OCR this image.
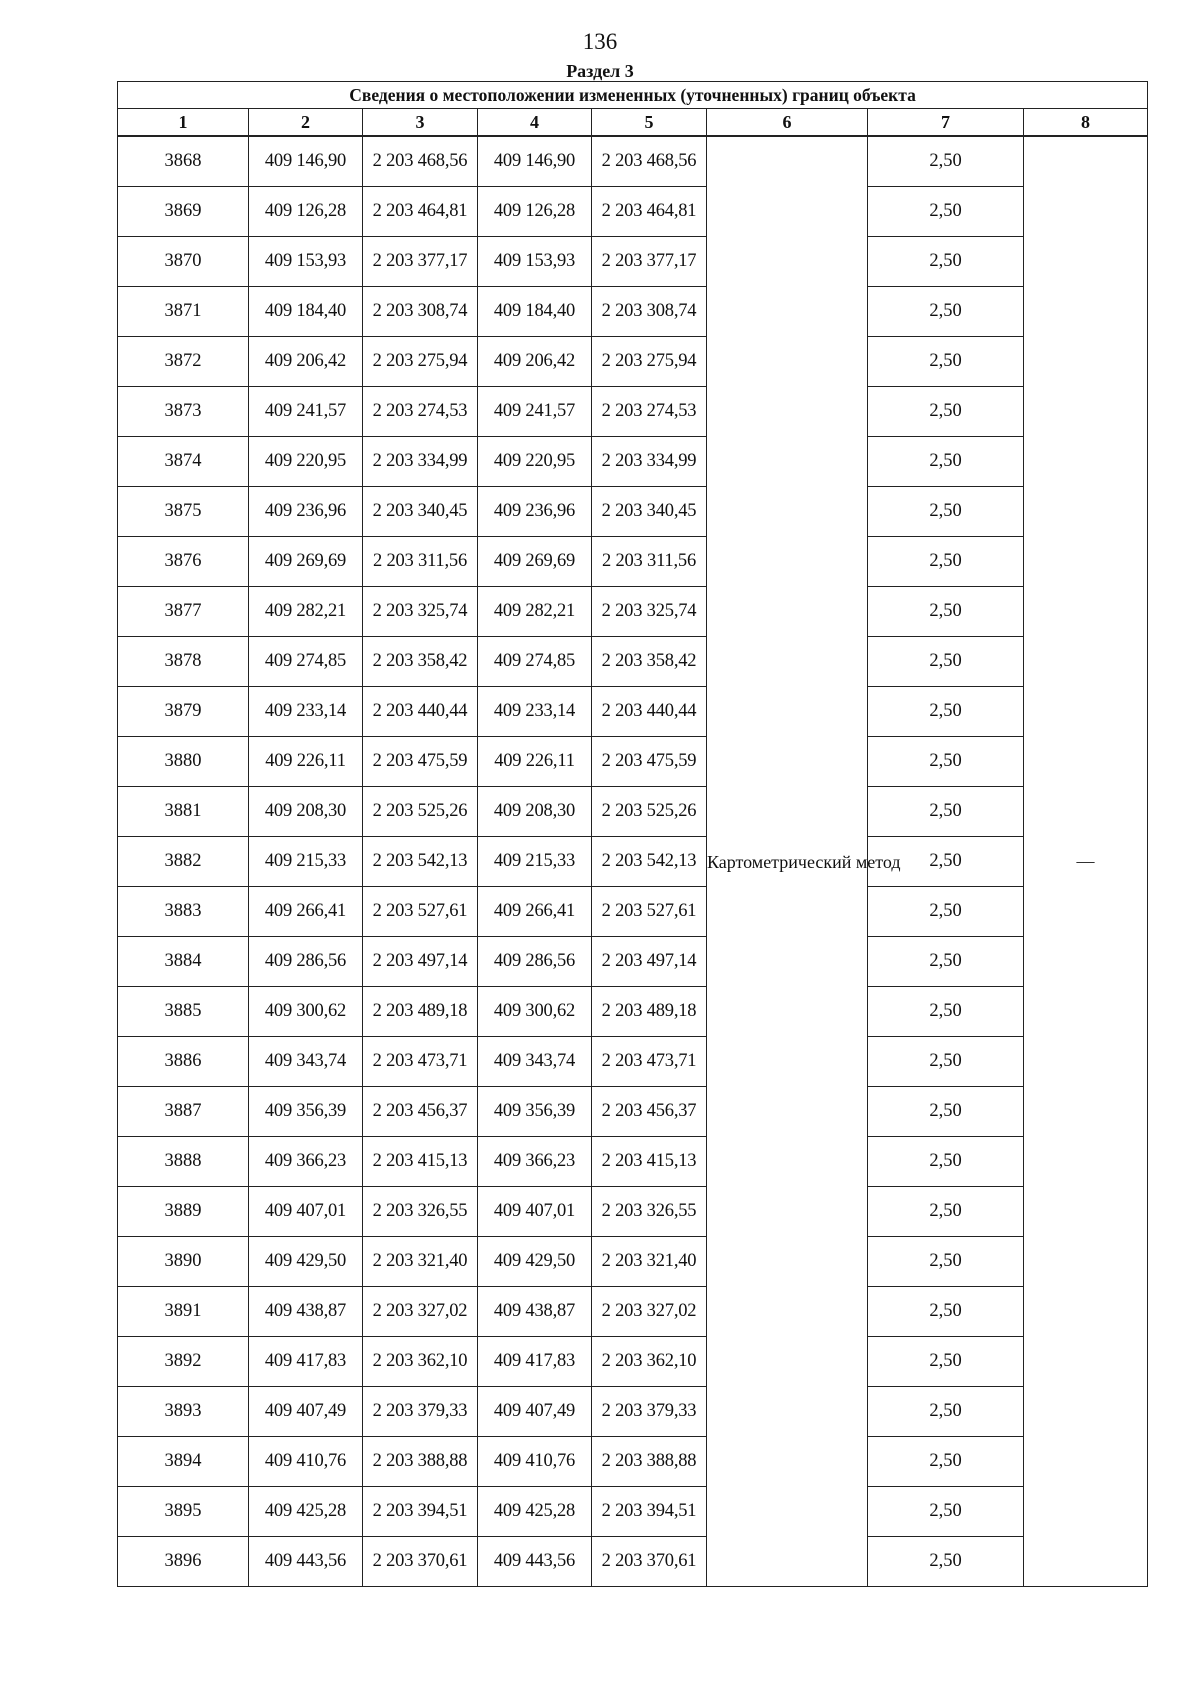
136
Раздел 3
Сведения о местоположении измененных (уточненных) границ объекта							
1	2	3	4	5	6	7	8
3868	409 146,90	2 203 468,56	409 146,90	2 203 468,56	Картометрический метод	2,50	—
3869	409 126,28	2 203 464,81	409 126,28	2 203 464,81		2,50	
3870	409 153,93	2 203 377,17	409 153,93	2 203 377,17		2,50	
3871	409 184,40	2 203 308,74	409 184,40	2 203 308,74		2,50	
3872	409 206,42	2 203 275,94	409 206,42	2 203 275,94		2,50	
3873	409 241,57	2 203 274,53	409 241,57	2 203 274,53		2,50	
3874	409 220,95	2 203 334,99	409 220,95	2 203 334,99		2,50	
3875	409 236,96	2 203 340,45	409 236,96	2 203 340,45		2,50	
3876	409 269,69	2 203 311,56	409 269,69	2 203 311,56		2,50	
3877	409 282,21	2 203 325,74	409 282,21	2 203 325,74		2,50	
3878	409 274,85	2 203 358,42	409 274,85	2 203 358,42		2,50	
3879	409 233,14	2 203 440,44	409 233,14	2 203 440,44		2,50	
3880	409 226,11	2 203 475,59	409 226,11	2 203 475,59		2,50	
3881	409 208,30	2 203 525,26	409 208,30	2 203 525,26		2,50	
3882	409 215,33	2 203 542,13	409 215,33	2 203 542,13		2,50	
3883	409 266,41	2 203 527,61	409 266,41	2 203 527,61		2,50	
3884	409 286,56	2 203 497,14	409 286,56	2 203 497,14		2,50	
3885	409 300,62	2 203 489,18	409 300,62	2 203 489,18		2,50	
3886	409 343,74	2 203 473,71	409 343,74	2 203 473,71		2,50	
3887	409 356,39	2 203 456,37	409 356,39	2 203 456,37		2,50	
3888	409 366,23	2 203 415,13	409 366,23	2 203 415,13		2,50	
3889	409 407,01	2 203 326,55	409 407,01	2 203 326,55		2,50	
3890	409 429,50	2 203 321,40	409 429,50	2 203 321,40		2,50	
3891	409 438,87	2 203 327,02	409 438,87	2 203 327,02		2,50	
3892	409 417,83	2 203 362,10	409 417,83	2 203 362,10		2,50	
3893	409 407,49	2 203 379,33	409 407,49	2 203 379,33		2,50	
3894	409 410,76	2 203 388,88	409 410,76	2 203 388,88		2,50	
3895	409 425,28	2 203 394,51	409 425,28	2 203 394,51		2,50	
3896	409 443,56	2 203 370,61	409 443,56	2 203 370,61		2,50	
